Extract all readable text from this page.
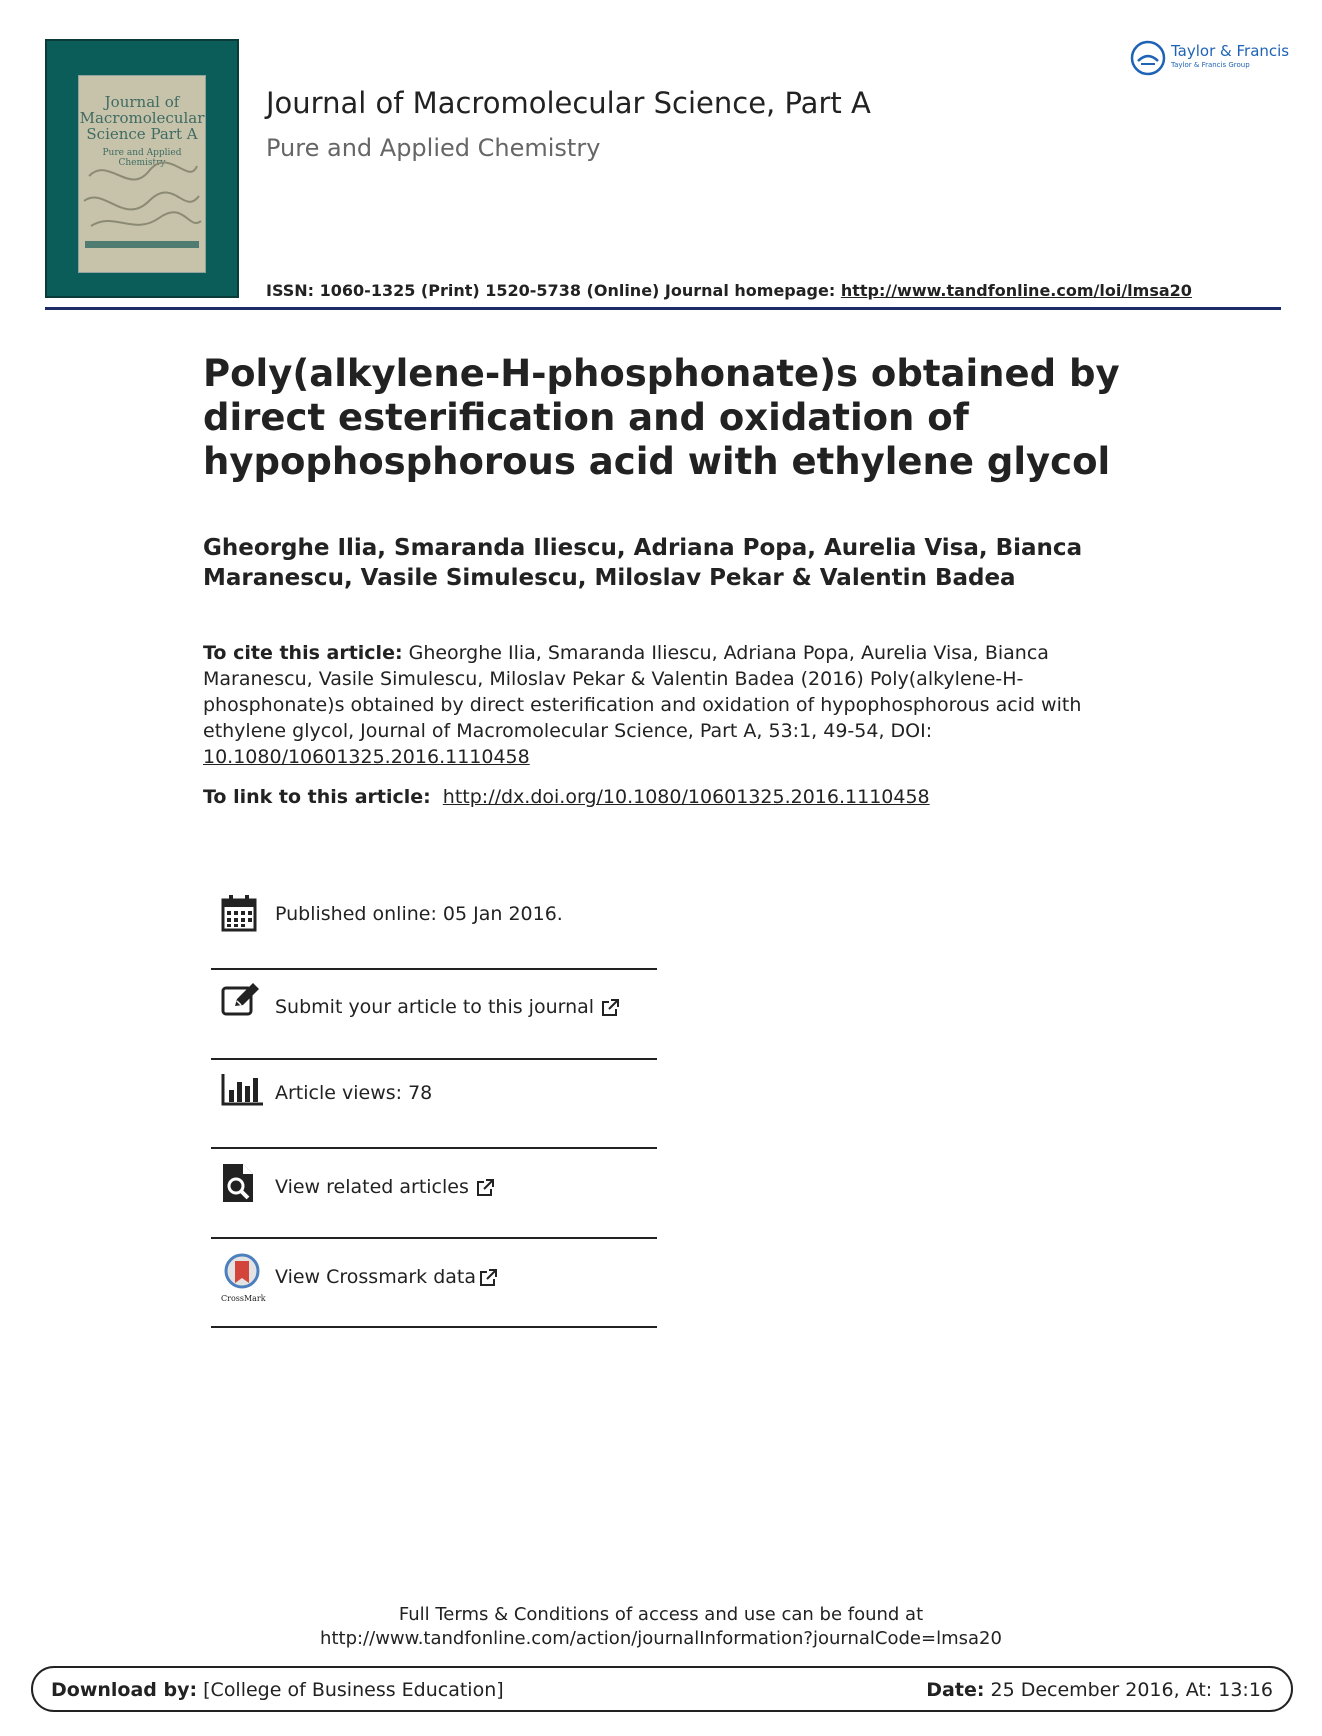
Journal of Macromolecular Science Part A
Pure and Applied Chemistry
Journal of Macromolecular Science, Part A
Pure and Applied Chemistry
ISSN: 1060-1325 (Print) 1520-5738 (Online) Journal homepage: http://www.tandfonline.com/loi/lmsa20
Taylor & Francis
Taylor & Francis Group
Poly(alkylene-H-phosphonate)s obtained by direct esterification and oxidation of hypophosphorous acid with ethylene glycol
Gheorghe Ilia, Smaranda Iliescu, Adriana Popa, Aurelia Visa, Bianca Maranescu, Vasile Simulescu, Miloslav Pekar & Valentin Badea
To cite this article: Gheorghe Ilia, Smaranda Iliescu, Adriana Popa, Aurelia Visa, Bianca Maranescu, Vasile Simulescu, Miloslav Pekar & Valentin Badea (2016) Poly(alkylene-H-phosphonate)s obtained by direct esterification and oxidation of hypophosphorous acid with ethylene glycol, Journal of Macromolecular Science, Part A, 53:1, 49-54, DOI: 10.1080/10601325.2016.1110458
To link to this article: http://dx.doi.org/10.1080/10601325.2016.1110458
Published online: 05 Jan 2016.
Submit your article to this journal
Article views: 78
View related articles
CrossMark
View Crossmark data
Full Terms & Conditions of access and use can be found at
http://www.tandfonline.com/action/journalInformation?journalCode=lmsa20
Download by: [College of Business Education]	Date: 25 December 2016, At: 13:16
